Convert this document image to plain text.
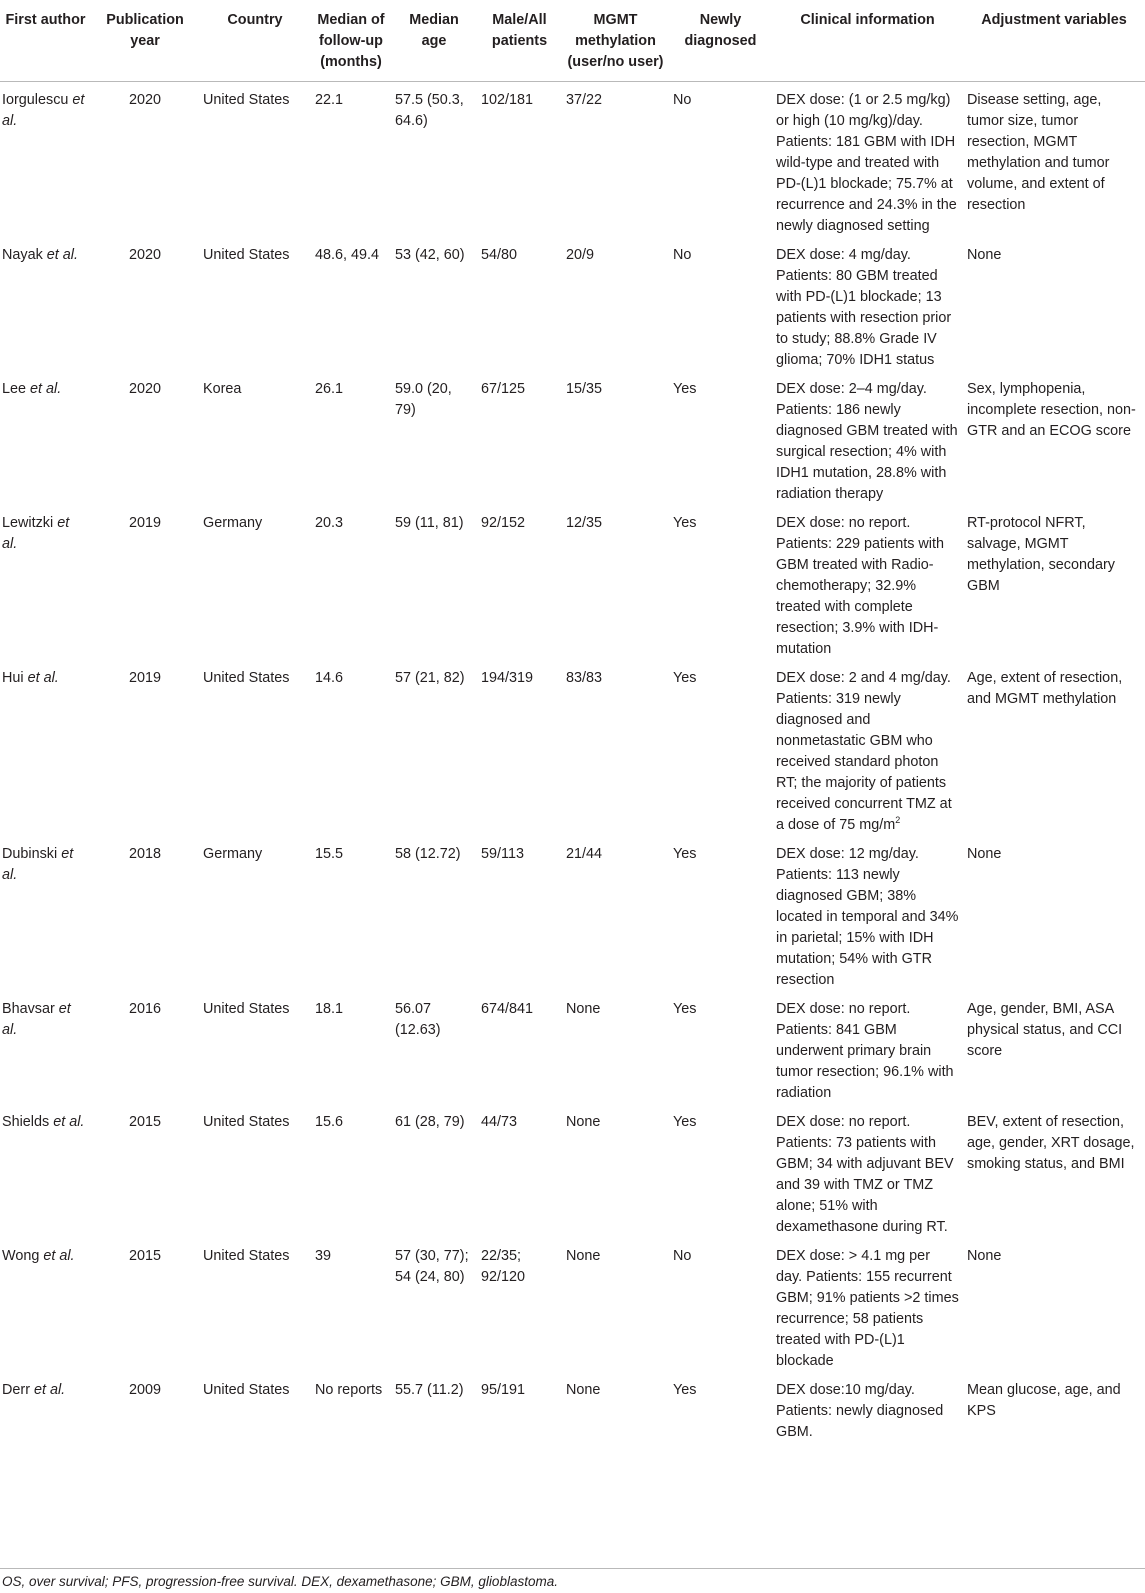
First author	Publication year	Country	Median of follow-up (months)	Median age	Male/All patients	MGMT methylation (user/no user)	Newly diagnosed	Clinical information	Adjustment variables
Iorgulescu et al.	2020	United States	22.1	57.5 (50.3, 64.6)	102/181	37/22	No	DEX dose: (1 or 2.5 mg/kg) or high (10 mg/kg)/day. Patients: 181 GBM with IDH wild-type and treated with PD-(L)1 blockade; 75.7% at recurrence and 24.3% in the newly diagnosed setting	Disease setting, age, tumor size, tumor resection, MGMT methylation and tumor volume, and extent of resection
Nayak et al.	2020	United States	48.6, 49.4	53 (42, 60)	54/80	20/9	No	DEX dose: 4 mg/day. Patients: 80 GBM treated with PD-(L)1 blockade; 13 patients with resection prior to study; 88.8% Grade IV glioma; 70% IDH1 status	None
Lee et al.	2020	Korea	26.1	59.0 (20, 79)	67/125	15/35	Yes	DEX dose: 2–4 mg/day. Patients: 186 newly diagnosed GBM treated with surgical resection; 4% with IDH1 mutation, 28.8% with radiation therapy	Sex, lymphopenia, incomplete resection, non-GTR and an ECOG score
Lewitzki et al.	2019	Germany	20.3	59 (11, 81)	92/152	12/35	Yes	DEX dose: no report. Patients: 229 patients with GBM treated with Radio-chemotherapy; 32.9% treated with complete resection; 3.9% with IDH-mutation	RT-protocol NFRT, salvage, MGMT methylation, secondary GBM
Hui et al.	2019	United States	14.6	57 (21, 82)	194/319	83/83	Yes	DEX dose: 2 and 4 mg/day. Patients: 319 newly diagnosed and nonmetastatic GBM who received standard photon RT; the majority of patients received concurrent TMZ at a dose of 75 $mg/m^2$	Age, extent of resection, and MGMT methylation
Dubinski et al.	2018	Germany	15.5	58 (12.72)	59/113	21/44	Yes	DEX dose: 12 mg/day. Patients: 113 newly diagnosed GBM; 38% located in temporal and 34% in parietal; 15% with IDH mutation; 54% with GTR resection	None
Bhavsar et al.	2016	United States	18.1	56.07 (12.63)	674/841	None	Yes	DEX dose: no report. Patients: 841 GBM underwent primary brain tumor resection; 96.1% with radiation	Age, gender, BMI, ASA physical status, and CCI score
Shields et al.	2015	United States	15.6	61 (28, 79)	44/73	None	Yes	DEX dose: no report. Patients: 73 patients with GBM; 34 with adjuvant BEV and 39 with TMZ or TMZ alone; 51% with dexamethasone during RT.	BEV, extent of resection, age, gender, XRT dosage, smoking status, and BMI
Wong et al.	2015	United States	39	57 (30, 77); 54 (24, 80)	22/35; 92/120	None	No	DEX dose: > 4.1 mg per day. Patients: 155 recurrent GBM; 91% patients >2 times recurrence; 58 patients treated with PD-(L)1 blockade	None
Derr et al.	2009	United States	No reports	55.7 (11.2)	95/191	None	Yes	DEX dose:10 mg/day. Patients: newly diagnosed GBM.	Mean glucose, age, and KPS
OS, over survival; PFS, progression-free survival. DEX, dexamethasone; GBM, glioblastoma.
